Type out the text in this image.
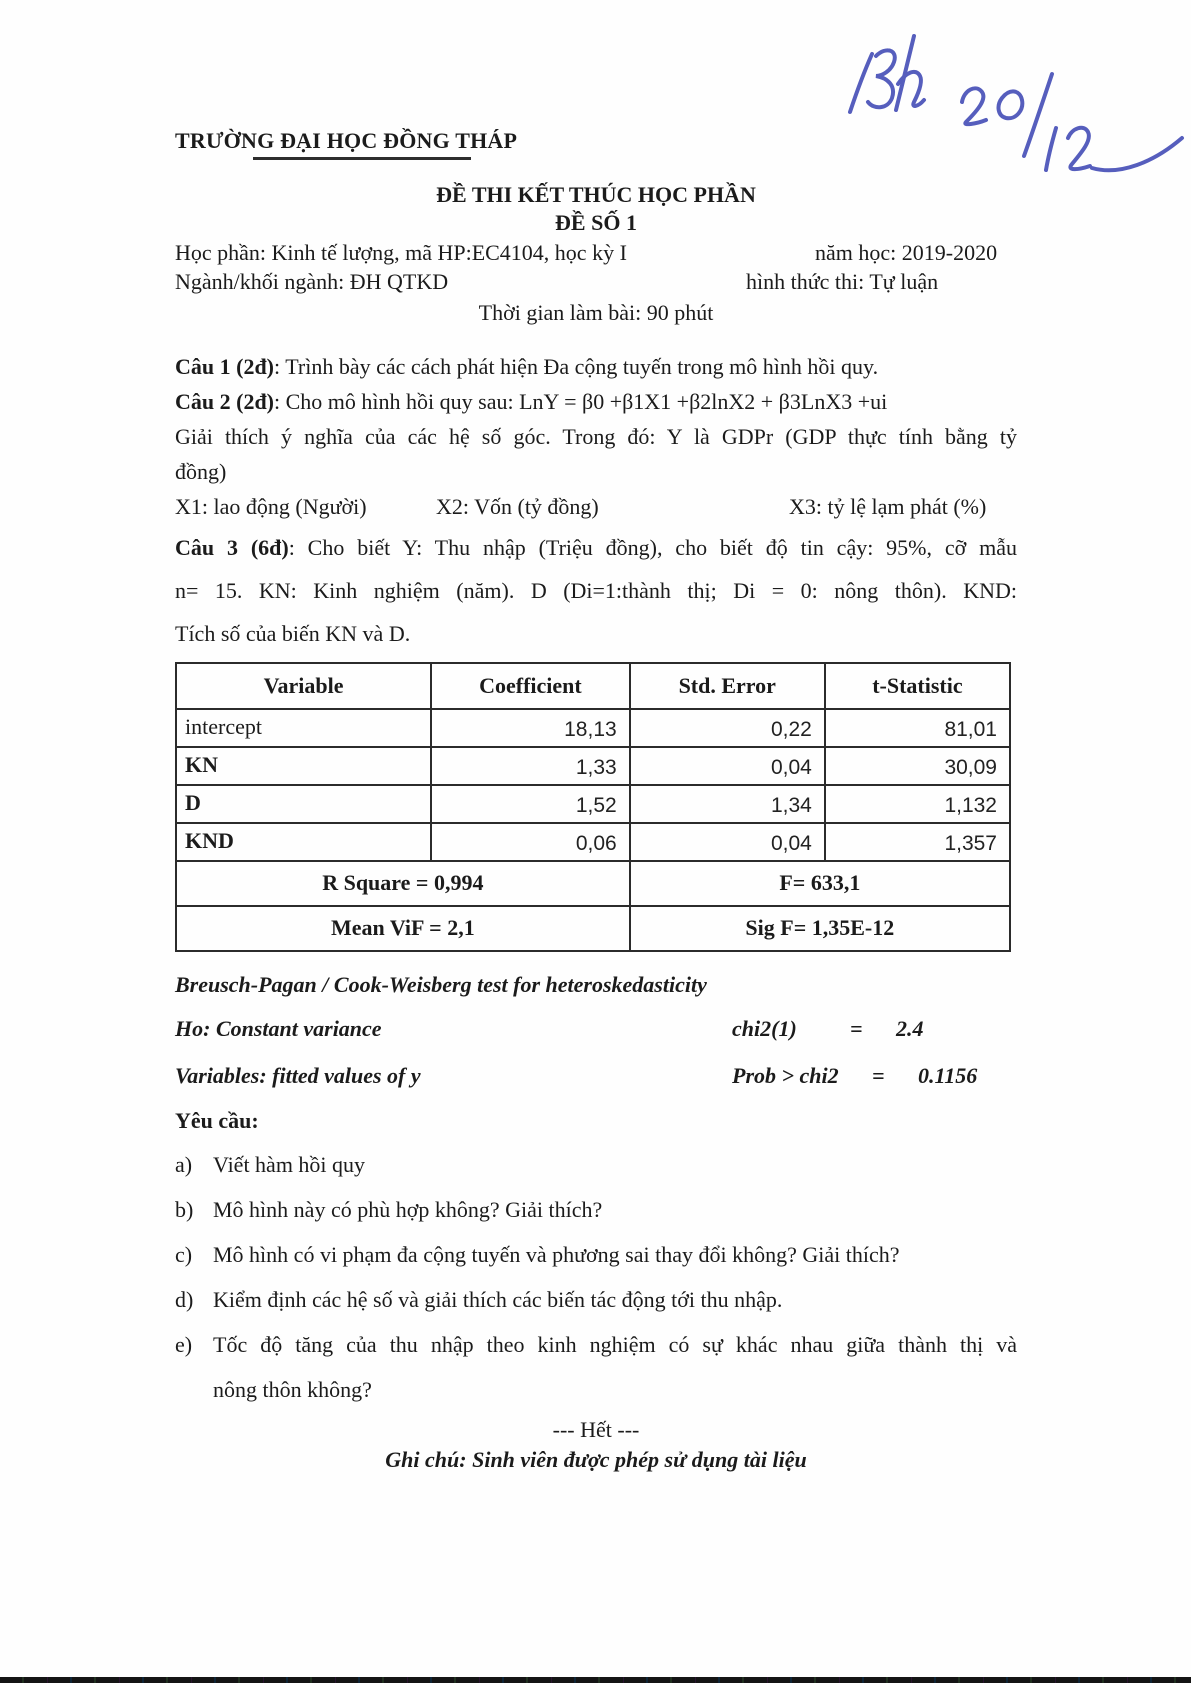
TRƯỜNG ĐẠI HỌC ĐỒNG THÁP
ĐỀ THI KẾT THÚC HỌC PHẦN
ĐỀ SỐ 1
Học phần: Kinh tế lượng, mã HP:EC4104, học kỳ I	năm học: 2019-2020
Ngành/khối ngành: ĐH QTKD	hình thức thi: Tự luận
Thời gian làm bài: 90 phút
Câu 1 (2đ): Trình bày các cách phát hiện Đa cộng tuyến trong mô hình hồi quy.
Câu 2 (2đ): Cho mô hình hồi quy sau: LnY = β0 +β1X1 +β2lnX2 + β3LnX3 +ui
Giải thích ý nghĩa của các hệ số góc. Trong đó: Y là GDPr (GDP thực tính bằng tỷ
đồng)
X1: lao động (Người)	X2: Vốn (tỷ đồng)	X3: tỷ lệ lạm phát (%)
Câu 3 (6đ): Cho biết Y: Thu nhập (Triệu đồng), cho biết độ tin cậy: 95%, cỡ mẫu
n= 15. KN: Kinh nghiệm (năm). D (Di=1:thành thị; Di = 0: nông thôn). KND:
Tích số của biến KN và D.
Variable	Coefficient	Std. Error	t-Statistic
intercept	18,13	0,22	81,01
KN	1,33	0,04	30,09
D	1,52	1,34	1,132
KND	0,06	0,04	1,357
R Square = 0,994		F= 633,1	
Mean ViF = 2,1		Sig F= 1,35E-12	
Breusch-Pagan / Cook-Weisberg test for heteroskedasticity
Ho: Constant variance	chi2(1)	=	2.4
Variables: fitted values of y	Prob > chi2	=	0.1156
Yêu cầu:
a) Viết hàm hồi quy
b) Mô hình này có phù hợp không? Giải thích?
c) Mô hình có vi phạm đa cộng tuyến và phương sai thay đổi không? Giải thích?
d) Kiểm định các hệ số và giải thích các biến tác động tới thu nhập.
e) Tốc độ tăng của thu nhập theo kinh nghiệm có sự khác nhau giữa thành thị và
nông thôn không?
--- Hết ---
Ghi chú: Sinh viên được phép sử dụng tài liệu
